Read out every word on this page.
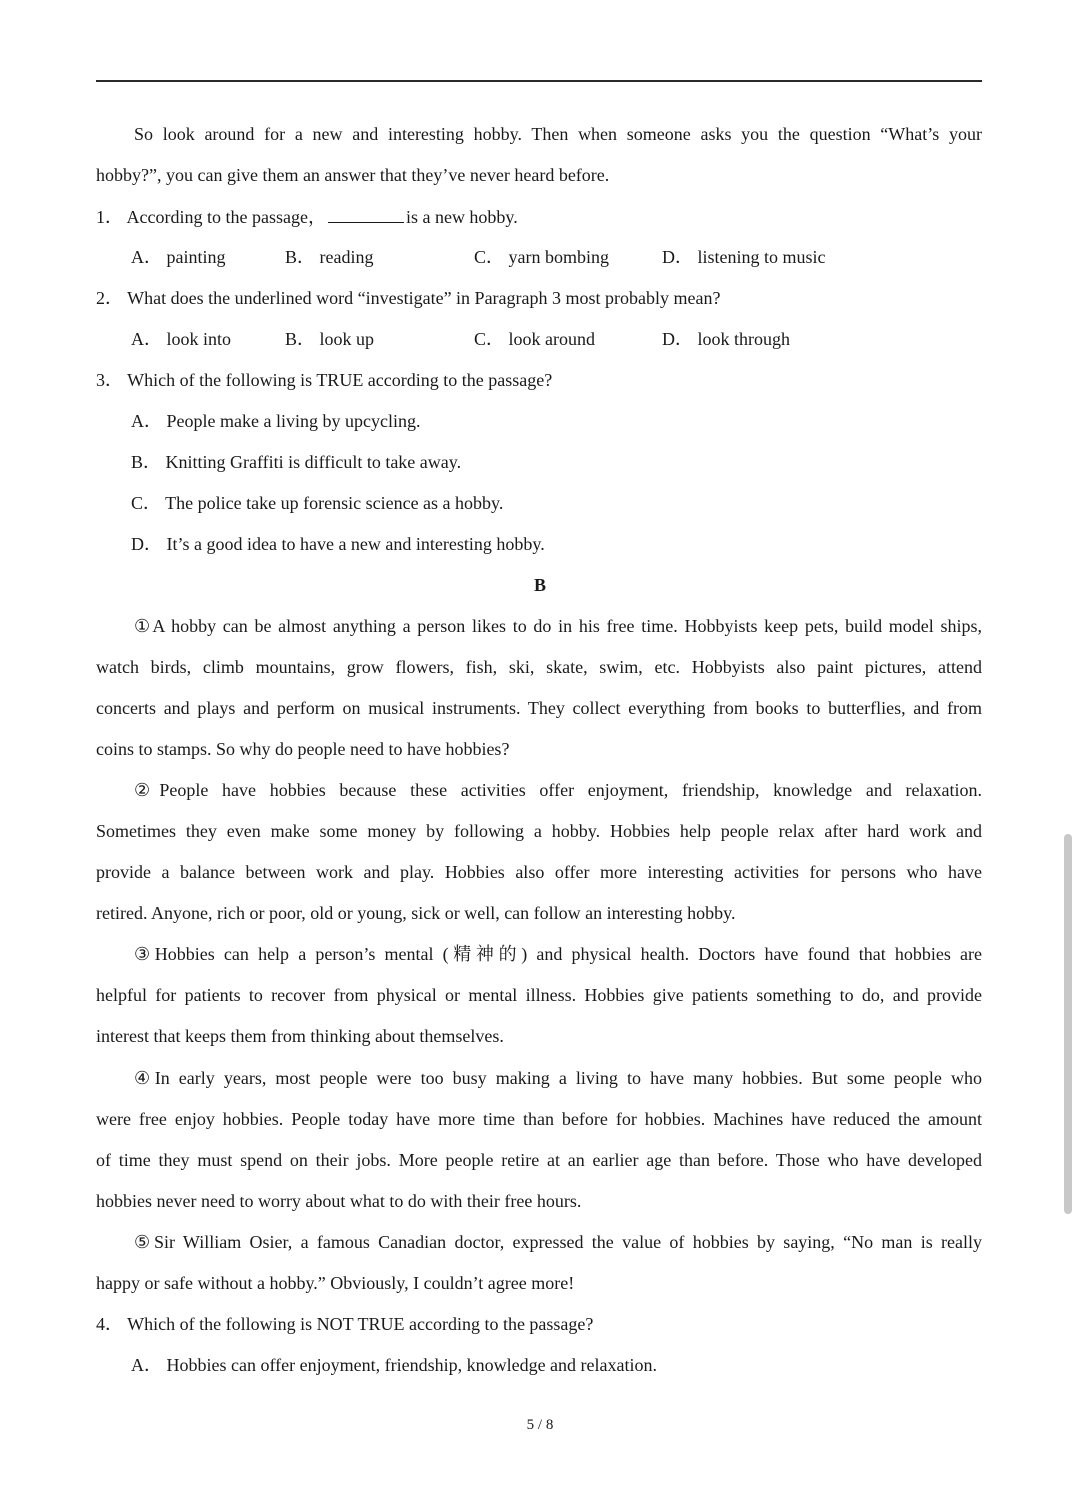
So look around for a new and interesting hobby. Then when someone asks you the question “What’s your
hobby?”, you can give them an answer that they’ve never heard before.
1． According to the passage，	is a new hobby.
A． painting	B． reading	C． yarn bombing	D． listening to music
2． What does the underlined word “investigate” in Paragraph 3 most probably mean?
A． look into	B． look up	C． look around	D． look through
3． Which of the following is TRUE according to the passage?
A． People make a living by upcycling.
B． Knitting Graffiti is difficult to take away.
C． The police take up forensic science as a hobby.
D． It’s a good idea to have a new and interesting hobby.
B
①A hobby can be almost anything a person likes to do in his free time. Hobbyists keep pets, build model ships,
watch birds, climb mountains, grow flowers, fish, ski, skate, swim, etc. Hobbyists also paint pictures, attend
concerts and plays and perform on musical instruments. They collect everything from books to butterflies, and from
coins to stamps. So why do people need to have hobbies?
②People have hobbies because these activities offer enjoyment, friendship, knowledge and relaxation.
Sometimes they even make some money by following a hobby. Hobbies help people relax after hard work and
provide a balance between work and play. Hobbies also offer more interesting activities for persons who have
retired. Anyone, rich or poor, old or young, sick or well, can follow an interesting hobby.
③Hobbies can help a person’s mental (精神的) and physical health. Doctors have found that hobbies are
helpful for patients to recover from physical or mental illness. Hobbies give patients something to do, and provide
interest that keeps them from thinking about themselves.
④In early years, most people were too busy making a living to have many hobbies. But some people who
were free enjoy hobbies. People today have more time than before for hobbies. Machines have reduced the amount
of time they must spend on their jobs. More people retire at an earlier age than before. Those who have developed
hobbies never need to worry about what to do with their free hours.
⑤Sir William Osier, a famous Canadian doctor, expressed the value of hobbies by saying, “No man is really
happy or safe without a hobby.” Obviously, I couldn’t agree more!
4． Which of the following is NOT TRUE according to the passage?
A． Hobbies can offer enjoyment, friendship, knowledge and relaxation.
5 / 8
